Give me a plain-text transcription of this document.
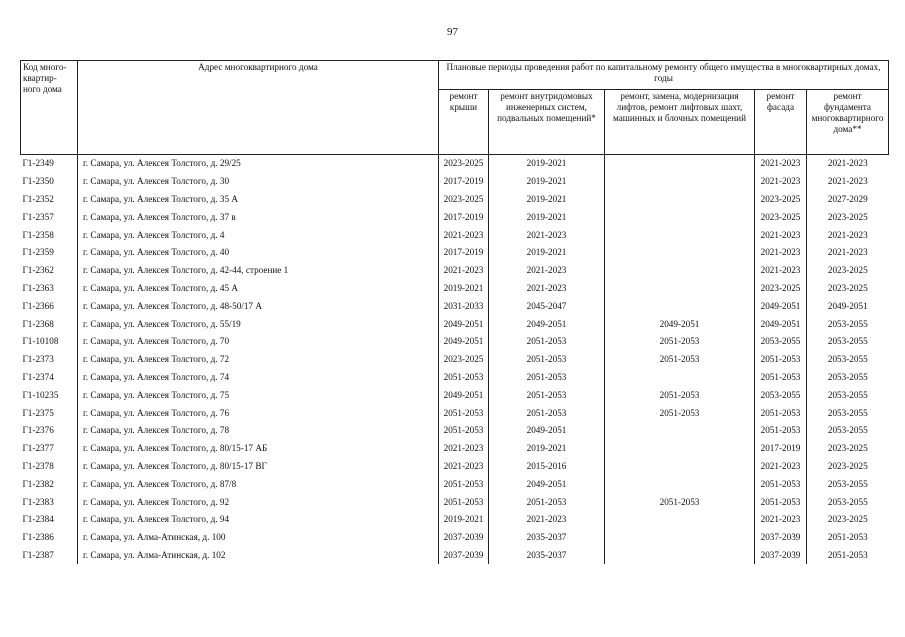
97
Код много-
квартир-
ного дома	Адрес многоквартирного дома	Плановые периоды проведения работ по капитальному ремонту общего имущества в многоквартирных домах, годы				
		ремонт крыши	ремонт внутридомовых инженерных систем, подвальных помещений*	ремонт, замена, модернизация лифтов, ремонт лифтовых шахт, машинных и блочных помещений	ремонт фасада	ремонт фундамента многоквартирного дома**
Г1-2349	г. Самара, ул. Алексея Толстого, д. 29/25	2023-2025	2019-2021		2021-2023	2021-2023
Г1-2350	г. Самара, ул. Алексея Толстого, д. 30	2017-2019	2019-2021		2021-2023	2021-2023
Г1-2352	г. Самара, ул. Алексея Толстого, д. 35 А	2023-2025	2019-2021		2023-2025	2027-2029
Г1-2357	г. Самара, ул. Алексея Толстого, д. 37 в	2017-2019	2019-2021		2023-2025	2023-2025
Г1-2358	г. Самара, ул. Алексея Толстого, д. 4	2021-2023	2021-2023		2021-2023	2021-2023
Г1-2359	г. Самара, ул. Алексея Толстого, д. 40	2017-2019	2019-2021		2021-2023	2021-2023
Г1-2362	г. Самара, ул. Алексея Толстого, д. 42-44, строение 1	2021-2023	2021-2023		2021-2023	2023-2025
Г1-2363	г. Самара, ул. Алексея Толстого, д. 45 А	2019-2021	2021-2023		2023-2025	2023-2025
Г1-2366	г. Самара, ул. Алексея Толстого, д. 48-50/17 А	2031-2033	2045-2047		2049-2051	2049-2051
Г1-2368	г. Самара, ул. Алексея Толстого, д. 55/19	2049-2051	2049-2051	2049-2051	2049-2051	2053-2055
Г1-10108	г. Самара, ул. Алексея Толстого, д. 70	2049-2051	2051-2053	2051-2053	2053-2055	2053-2055
Г1-2373	г. Самара, ул. Алексея Толстого, д. 72	2023-2025	2051-2053	2051-2053	2051-2053	2053-2055
Г1-2374	г. Самара, ул. Алексея Толстого, д. 74	2051-2053	2051-2053		2051-2053	2053-2055
Г1-10235	г. Самара, ул. Алексея Толстого, д. 75	2049-2051	2051-2053	2051-2053	2053-2055	2053-2055
Г1-2375	г. Самара, ул. Алексея Толстого, д. 76	2051-2053	2051-2053	2051-2053	2051-2053	2053-2055
Г1-2376	г. Самара, ул. Алексея Толстого, д. 78	2051-2053	2049-2051		2051-2053	2053-2055
Г1-2377	г. Самара, ул. Алексея Толстого, д. 80/15-17 АБ	2021-2023	2019-2021		2017-2019	2023-2025
Г1-2378	г. Самара, ул. Алексея Толстого, д. 80/15-17 ВГ	2021-2023	2015-2016		2021-2023	2023-2025
Г1-2382	г. Самара, ул. Алексея Толстого, д. 87/8	2051-2053	2049-2051		2051-2053	2053-2055
Г1-2383	г. Самара, ул. Алексея Толстого, д. 92	2051-2053	2051-2053	2051-2053	2051-2053	2053-2055
Г1-2384	г. Самара, ул. Алексея Толстого, д. 94	2019-2021	2021-2023		2021-2023	2023-2025
Г1-2386	г. Самара, ул. Алма-Атинская, д. 100	2037-2039	2035-2037		2037-2039	2051-2053
Г1-2387	г. Самара, ул. Алма-Атинская, д. 102	2037-2039	2035-2037		2037-2039	2051-2053
